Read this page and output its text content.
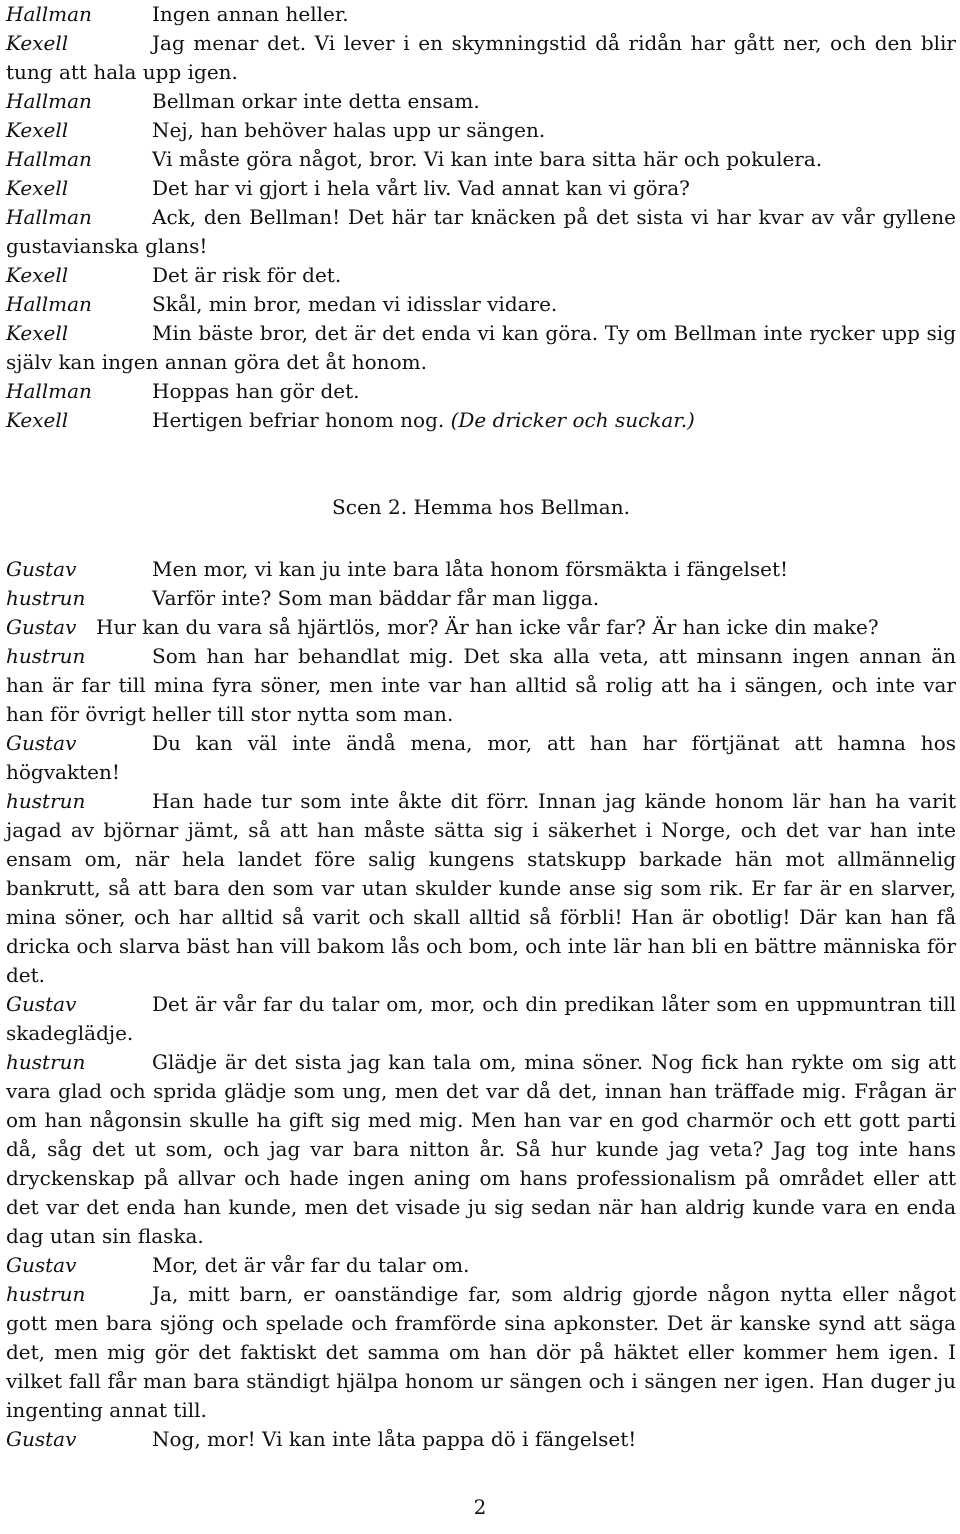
Hallman	Ingen annan heller.
Kexell	Jag menar det. Vi lever i en skymningstid då ridån har gått ner, och den blir tung att hala upp igen.
Hallman	Bellman orkar inte detta ensam.
Kexell	Nej, han behöver halas upp ur sängen.
Hallman	Vi måste göra något, bror. Vi kan inte bara sitta här och pokulera.
Kexell	Det har vi gjort i hela vårt liv. Vad annat kan vi göra?
Hallman	Ack, den Bellman! Det här tar knäcken på det sista vi har kvar av vår gyllene gustavianska glans!
Kexell	Det är risk för det.
Hallman	Skål, min bror, medan vi idisslar vidare.
Kexell	Min bäste bror, det är det enda vi kan göra. Ty om Bellman inte rycker upp sig själv kan ingen annan göra det åt honom.
Hallman	Hoppas han gör det.
Kexell	Hertigen befriar honom nog. (De dricker och suckar.)
Scen 2. Hemma hos Bellman.
Gustav	Men mor, vi kan ju inte bara låta honom försmäkta i fängelset!
hustrun	Varför inte? Som man bäddar får man ligga.
Gustav Hur kan du vara så hjärtlös, mor? Är han icke vår far? Är han icke din make?
hustrun	Som han har behandlat mig. Det ska alla veta, att minsann ingen annan än han är far till mina fyra söner, men inte var han alltid så rolig att ha i sängen, och inte var han för övrigt heller till stor nytta som man.
Gustav	Du kan väl inte ändå mena, mor, att han har förtjänat att hamna hos högvakten!
hustrun	Han hade tur som inte åkte dit förr. Innan jag kände honom lär han ha varit jagad av björnar jämt, så att han måste sätta sig i säkerhet i Norge, och det var han inte ensam om, när hela landet före salig kungens statskupp barkade hän mot allmännelig bankrutt, så att bara den som var utan skulder kunde anse sig som rik. Er far är en slarver, mina söner, och har alltid så varit och skall alltid så förbli! Han är obotlig! Där kan han få dricka och slarva bäst han vill bakom lås och bom, och inte lär han bli en bättre människa för det.
Gustav	Det är vår far du talar om, mor, och din predikan låter som en uppmuntran till skadeglädje.
hustrun	Glädje är det sista jag kan tala om, mina söner. Nog fick han rykte om sig att vara glad och sprida glädje som ung, men det var då det, innan han träffade mig. Frågan är om han någonsin skulle ha gift sig med mig. Men han var en god charmör och ett gott parti då, såg det ut som, och jag var bara nitton år. Så hur kunde jag veta? Jag tog inte hans dryckenskap på allvar och hade ingen aning om hans professionalism på området eller att det var det enda han kunde, men det visade ju sig sedan när han aldrig kunde vara en enda dag utan sin flaska.
Gustav	Mor, det är vår far du talar om.
hustrun	Ja, mitt barn, er oanständige far, som aldrig gjorde någon nytta eller något gott men bara sjöng och spelade och framförde sina apkonster. Det är kanske synd att säga det, men mig gör det faktiskt det samma om han dör på häktet eller kommer hem igen. I vilket fall får man bara ständigt hjälpa honom ur sängen och i sängen ner igen. Han duger ju ingenting annat till.
Gustav	Nog, mor! Vi kan inte låta pappa dö i fängelset!
2
